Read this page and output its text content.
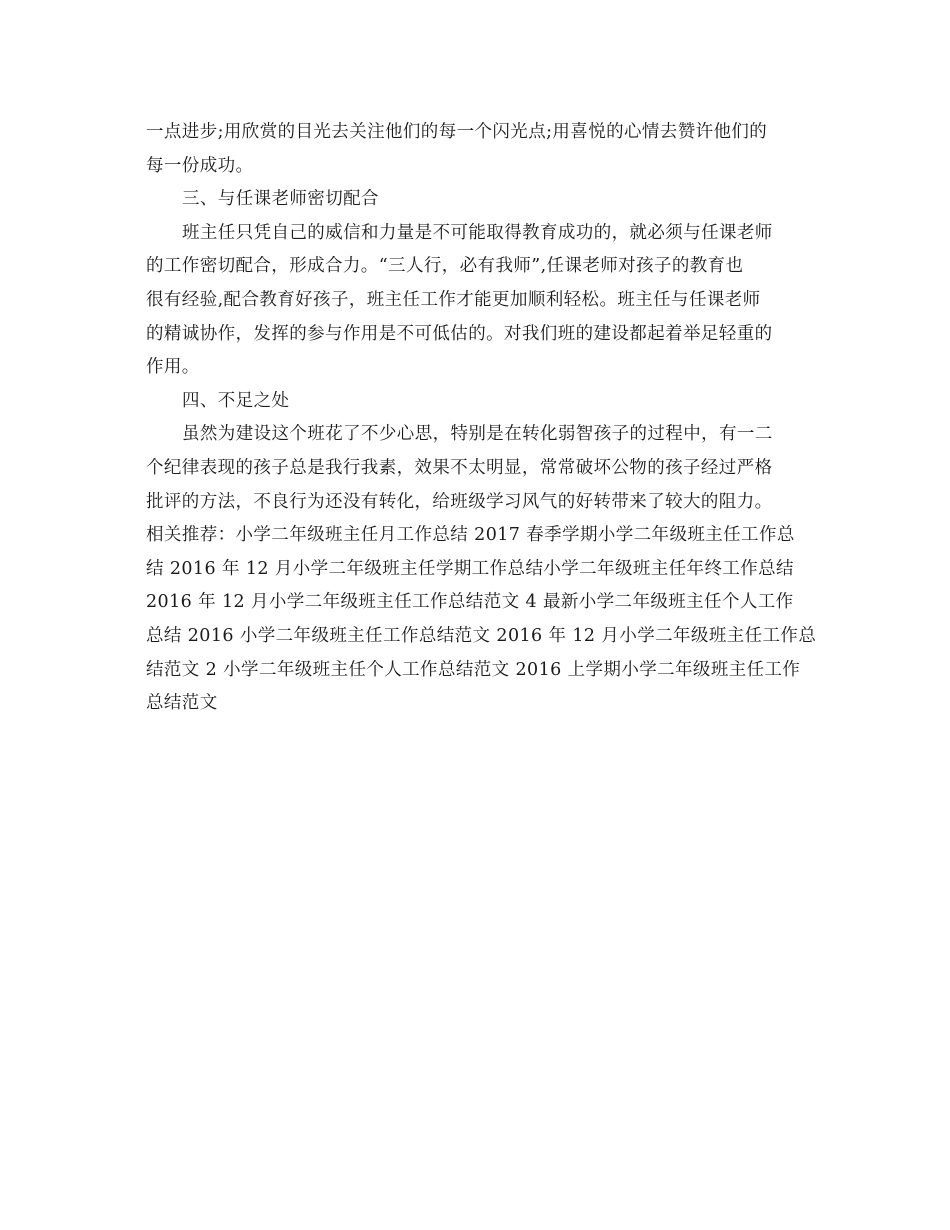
一点进步;用欣赏的目光去关注他们的每一个闪光点;用喜悦的心情去赞许他们的
每一份成功。
三、与任课老师密切配合
班主任只凭自己的威信和力量是不可能取得教育成功的，就必须与任课老师
的工作密切配合，形成合力。“三人行，必有我师”,任课老师对孩子的教育也
很有经验,配合教育好孩子，班主任工作才能更加顺利轻松。班主任与任课老师
的精诚协作，发挥的参与作用是不可低估的。对我们班的建设都起着举足轻重的
作用。
四、不足之处
虽然为建设这个班花了不少心思，特别是在转化弱智孩子的过程中，有一二
个纪律表现的孩子总是我行我素，效果不太明显，常常破坏公物的孩子经过严格
批评的方法，不良行为还没有转化，给班级学习风气的好转带来了较大的阻力。
相关推荐：小学二年级班主任月工作总结 2017 春季学期小学二年级班主任工作总
结 2016 年 12 月小学二年级班主任学期工作总结小学二年级班主任年终工作总结
2016 年 12 月小学二年级班主任工作总结范文 4 最新小学二年级班主任个人工作
总结 2016 小学二年级班主任工作总结范文 2016 年 12 月小学二年级班主任工作总
结范文 2 小学二年级班主任个人工作总结范文 2016 上学期小学二年级班主任工作
总结范文
